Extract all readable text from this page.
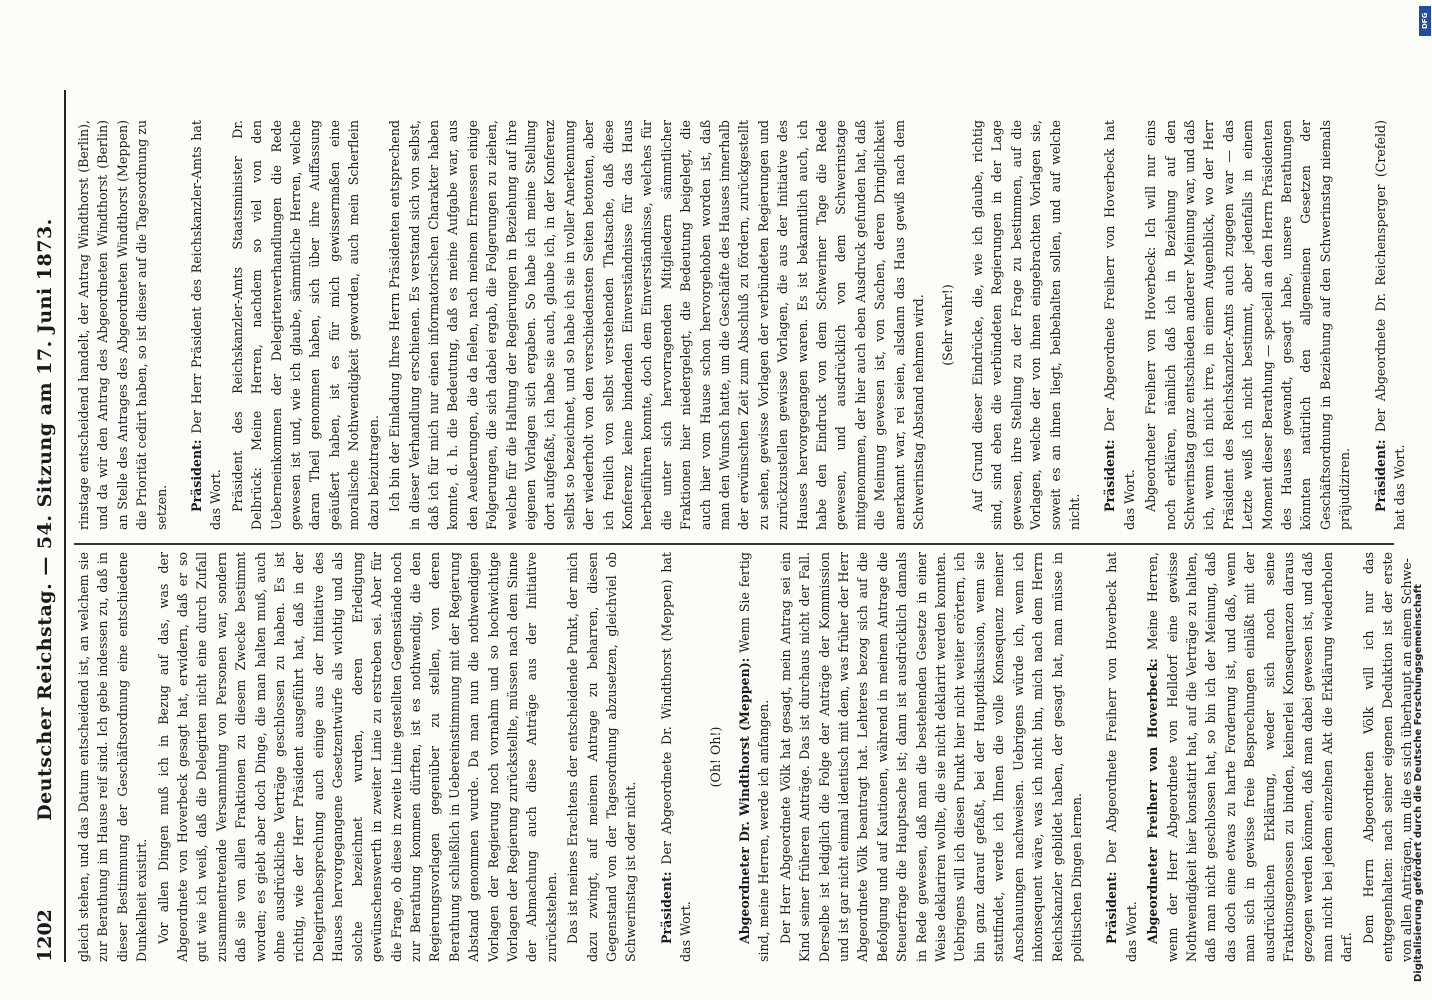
1202
Deutscher Reichstag. — 54. Sitzung am 17. Juni 1873. gleich stehen, und das Datum entscheidend ist, an welchem sie zur Berathung im Hause reif sind. Ich gebe indessen zu, daß in dieser Bestimmung der Geschäftsordnung eine entschiedene Dunkelheit existirt. Vor allen Dingen muß ich in Bezug auf das, was der Abgeordnete von Hoverbeck gesagt hat, erwidern, daß er so gut wie ich weiß, daß die Delegirten nicht eine durch Zufall zusammentretende Versammlung von Personen war, sondern daß sie von allen Fraktionen zu diesem Zwecke bestimmt worden; es giebt aber doch Dinge, die man halten muß, auch ohne ausdrückliche Verträge geschlossen zu haben. Es ist richtig, wie der Herr Präsident ausgeführt hat, daß in der Delegirtenbesprechung auch einige aus der Initiative des Hauses hervorgegangene Gesetzentwürfe als wichtig und als solche bezeichnet wurden, deren Erledigung gewünschenswerth in zweiter Linie zu erstreben sei. Aber für die Frage, ob diese in zweite Linie gestellten Gegenstände noch zur Berathung kommen dürften, ist es nothwendig, die den Regierungsvorlagen gegenüber zu stellen, von deren Berathung schließlich in Uebereinstimmung mit der Regierung Abstand genommen wurde. Da man nun die nothwendigen Vorlagen der Regierung noch vornahm und so hochwichtige Vorlagen der Regierung zurückstellte, müssen nach dem Sinne der Abmachung auch diese Anträge aus der Initiative zurückstehen. Das ist meines Erachtens der entscheidende Punkt, der mich dazu zwingt, auf meinem Antrage zu beharren, diesen Gegenstand von der Tagesordnung abzusetzen, gleichviel ob Schwerinstag ist oder nicht. Präsident: Der Abgeordnete Dr. Windthorst (Meppen) hat das Wort.

(Oh! Oh!) Abgeordneter Dr. Windthorst (Meppen): Wenn Sie fertig sind, meine Herren, werde ich anfangen. Der Herr Abgeordnete Völk hat gesagt, mein Antrag sei ein Kind seiner früheren Anträge. Das ist durchaus nicht der Fall. Derselbe ist lediglich die Folge der Anträge der Kommission und ist gar nicht einmal identisch mit dem, was früher der Herr Abgeordnete Völk beantragt hat. Lehteres bezog sich auf die Befolgung und auf Kautionen, während in meinem Antrage die Steuerfrage die Hauptsache ist; dann ist ausdrücklich damals in Rede gewesen, daß man die bestehenden Gesetze in einer Weise deklariren wollte, die sie nicht deklarirt werden konnten. Uebrigens will ich diesen Punkt hier nicht weiter erörtern, ich bin ganz darauf gefaßt, bei der Hauptdiskussion, wenn sie stattfindet, werde ich Ihnen die volle Konsequenz meiner Anschauungen nachweisen. Uebrigens würde ich, wenn ich inkonsequent wäre, was ich nicht bin, mich nach dem Herrn Reichskanzler gebildet haben, der gesagt hat, man müsse in politischen Dingen lernen. Präsident: Der Abgeordnete Freiherr von Hoverbeck hat das Wort. Abgeordneter Freiherr von Hoverbeck: Meine Herren, wenn der Herr Abgeordnete von Helldorf eine gewisse Nothwendigkeit hier konstatirt hat, auf die Verträge zu halten, daß man nicht geschlossen hat, so bin ich der Meinung, daß das doch eine etwas zu harte Forderung ist, und daß, wenn man sich in gewisse freie Besprechungen einläßt mit der ausdrücklichen Erklärung, weder sich noch seine Fraktionsgenossen zu binden, keinerlei Konsequenzen daraus gezogen werden können, daß man dabei gewesen ist, und daß man nicht bei jedem einzelnen Akt die Erklärung wiederholen darf.

Dem Herrn Abgeordneten Völk will ich nur das entgegenhalten: nach seiner eigenen Deduktion ist der erste von allen Anträgen, um die es sich überhaupt an einem Schwe-

rinstage entscheidend handelt, der Antrag Windthorst (Berlin), und da wir den Antrag des Abgeordneten Windthorst (Berlin) an Stelle des Antrages des Abgeordneten Windthorst (Meppen) die Priorität cedirt haben, so ist dieser auf die Tagesordnung zu setzen. Präsident: Der Herr Präsident des Reichskanzler-Amts hat das Wort. Präsident des Reichskanzler-Amts Staatsminister Dr. Delbrück: Meine Herren, nachdem so viel von den Ueberneinkommen der Delegirtenverhandlungen die Rede gewesen ist und, wie ich glaube, sämmtliche Herren, welche daran Theil genommen haben, sich über ihre Auffassung geäußert haben, ist es für mich gewissermaßen eine moralische Nothwendigkeit geworden, auch mein Scherflein dazu beizutragen. Ich bin der Einladung Ihres Herrn Präsidenten entsprechend in dieser Verhandlung erschienen. Es verstand sich von selbst, daß ich für mich nur einen informatorischen Charakter haben konnte, d. h. die Bedeutung, daß es meine Aufgabe war, aus den Aeußerungen, die da fielen, nach meinem Ermessen einige Folgerungen, die sich dabei ergab, die Folgerungen zu ziehen, welche für die Haltung der Regierungen in Beziehung auf ihre eigenen Vorlagen sich ergaben. So habe ich meine Stellung dort aufgefaßt, ich habe sie auch, glaube ich, in der Konferenz selbst so bezeichnet, und so habe ich sie in voller Anerkennung der wiederholt von den verschiedensten Seiten betonten, aber ich freilich von selbst verstehenden Thatsache, daß diese Konferenz keine bindenden Einverständnisse für das Haus herbeiführen konnte, doch dem Einverständnisse, welches für die unter sich hervorragenden Mitgliedern sämmtlicher Fraktionen hier niedergelegt, die Bedeutung beigelegt, die auch hier vom Hause schon hervorgehoben worden ist, daß man den Wunsch hatte, um die Geschäfte des Hauses innerhalb der erwünschten Zeit zum Abschluß zu fördern, zurückgestellt zu sehen, gewisse Vorlagen der verbündeten Regierungen und zurückzustellen gewisse Vorlagen, die aus der Initiative des Hauses hervorgegangen waren. Es ist bekanntlich auch, ich habe den Eindruck von dem Schweriner Tage die Rede gewesen, und ausdrücklich von dem Schwerinstage mitgenommen, der hier auch eben Ausdruck gefunden hat, daß die Meinung gewesen ist, von Sachen, deren Dringlichkeit anerkannt war, rei seien, alsdann das Haus gewiß nach dem Schwerinstag Abstand nehmen wird. (Sehr wahr!) Auf Grund dieser Eindrücke, die, wie ich glaube, richtig sind, sind eben die verbündeten Regierungen in der Lage gewesen, ihre Stellung zu der Frage zu bestimmen, auf die Vorlagen, welche der von ihnen eingebrachten Vorlagen sie, soweit es an ihnen liegt, beibehalten sollen, und auf welche nicht. Präsident: Der Abgeordnete Freiherr von Hoverbeck hat das Wort. Abgeordneter Freiherr von Hoverbeck: Ich will nur eins noch erklären, nämlich daß ich in Beziehung auf den Schwerinstag ganz entschieden anderer Meinung war, und daß ich, wenn ich nicht irre, in einem Augenblick, wo der Herr Präsident des Reichskanzler-Amts auch zugegen war — das Letzte weiß ich nicht bestimmt, aber jedenfalls in einem Moment dieser Berathung — speciell an den Herrn Präsidenten des Hauses gewandt, gesagt habe, unsere Berathungen könnten natürlich den allgemeinen Gesetzen der Geschäftsordnung in Beziehung auf den Schwerinstag niemals präjudiziren. Präsident: Der Abgeordnete Dr. Reichensperger (Crefeld) hat das Wort.

DFG
Digitalisierung gefördert durch die Deutsche Forschungsgemeinschaft
